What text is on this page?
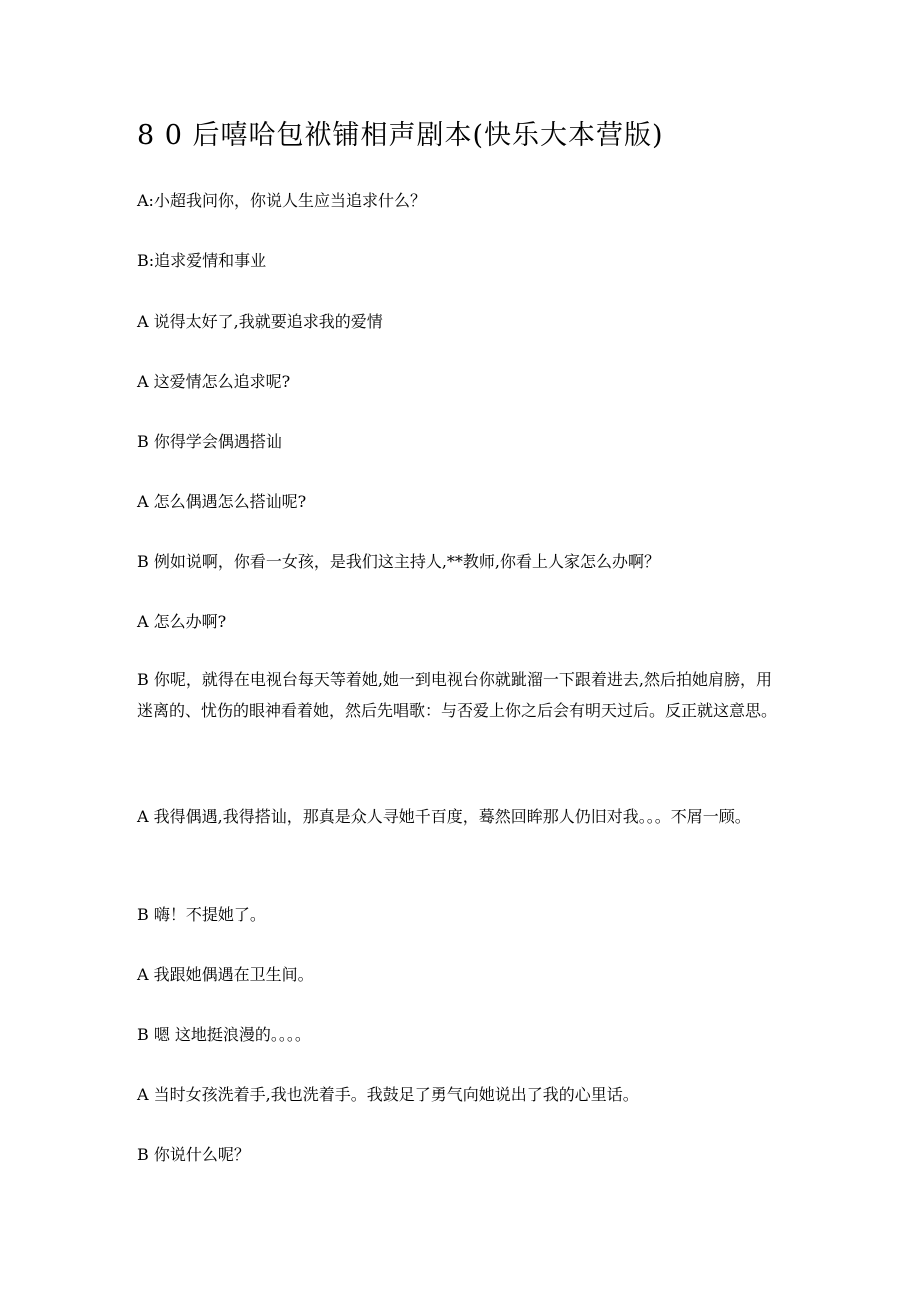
8 0 后嘻哈包袱铺相声剧本(快乐大本营版)

A:小超我问你，你说人生应当追求什么？

B:追求爱情和事业

A 说得太好了,我就要追求我的爱情

A 这爱情怎么追求呢?

B 你得学会偶遇搭讪

A 怎么偶遇怎么搭讪呢?

B 例如说啊，你看一女孩，是我们这主持人,**教师,你看上人家怎么办啊？

A 怎么办啊?

B 你呢，就得在电视台每天等着她,她一到电视台你就跐溜一下跟着进去,然后拍她肩膀，用迷离的、忧伤的眼神看着她，然后先唱歌：与否爱上你之后会有明天过后。反正就这意思。

A 我得偶遇,我得搭讪，那真是众人寻她千百度，蓦然回眸那人仍旧对我。。。不屑一顾。

B 嗨！不提她了。

A 我跟她偶遇在卫生间。

B 嗯 这地挺浪漫的。。。。

A 当时女孩洗着手,我也洗着手。我鼓足了勇气向她说出了我的心里话。

B 你说什么呢？
